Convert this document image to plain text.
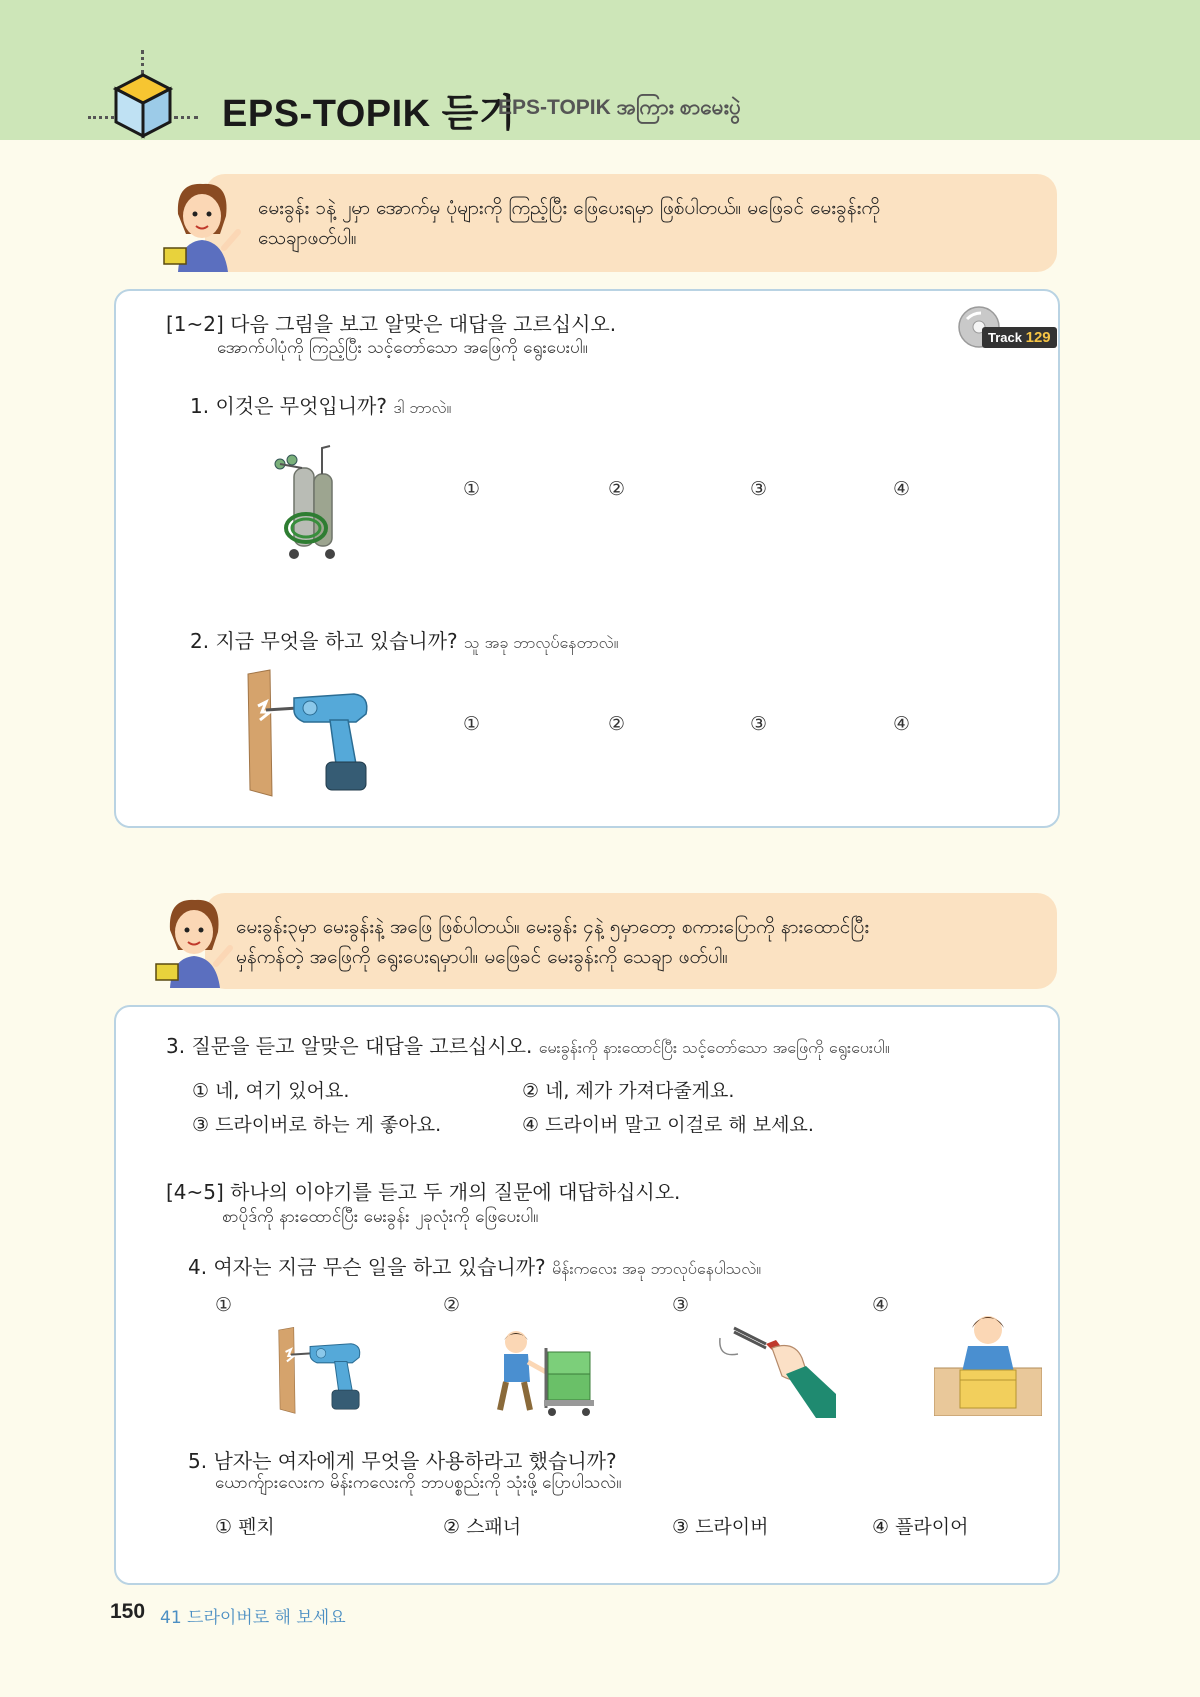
EPS-TOPIK 듣기
EPS-TOPIK အကြား စာမေးပွဲ
မေးခွန်း ၁နဲ့ ၂မှာ အောက်မှ ပုံများကို ကြည့်ပြီး ဖြေပေးရမှာ ဖြစ်ပါတယ်။ မဖြေခင် မေးခွန်းကို
သေချာဖတ်ပါ။
[1~2] 다음 그림을 보고 알맞은 대답을 고르십시오.
အောက်ပါပုံကို ကြည့်ပြီး သင့်တော်သော အဖြေကို ရွေးပေးပါ။
Track 129
1. 이것은 무엇입니까? ဒါ ဘာလဲ။
①	②	③	④
2. 지금 무엇을 하고 있습니까? သူ အခု ဘာလုပ်နေတာလဲ။
①	②	③	④
မေးခွန်း၃မှာ မေးခွန်းနဲ့ အဖြေ ဖြစ်ပါတယ်။ မေးခွန်း ၄နဲ့ ၅မှာတော့ စကားပြောကို နားထောင်ပြီး
မှန်ကန်တဲ့ အဖြေကို ရွေးပေးရမှာပါ။ မဖြေခင် မေးခွန်းကို သေချာ ဖတ်ပါ။
3. 질문을 듣고 알맞은 대답을 고르십시오. မေးခွန်းကို နားထောင်ပြီး သင့်တော်သော အဖြေကို ရွေးပေးပါ။
① 네, 여기 있어요.	② 네, 제가 가져다줄게요.
③ 드라이버로 하는 게 좋아요.	④ 드라이버 말고 이걸로 해 보세요.
[4~5] 하나의 이야기를 듣고 두 개의 질문에 대답하십시오.
စာပိုဒ်ကို နားထောင်ပြီး မေးခွန်း ၂ခုလုံးကို ဖြေပေးပါ။
4. 여자는 지금 무슨 일을 하고 있습니까? မိန်းကလေး အခု ဘာလုပ်နေပါသလဲ။
①	②	③	④
5. 남자는 여자에게 무엇을 사용하라고 했습니까?
ယောက်ျားလေးက မိန်းကလေးကို ဘာပစ္စည်းကို သုံးဖို့ ပြောပါသလဲ။
① 펜치	② 스패너	③ 드라이버	④ 플라이어
150 41 드라이버로 해 보세요
